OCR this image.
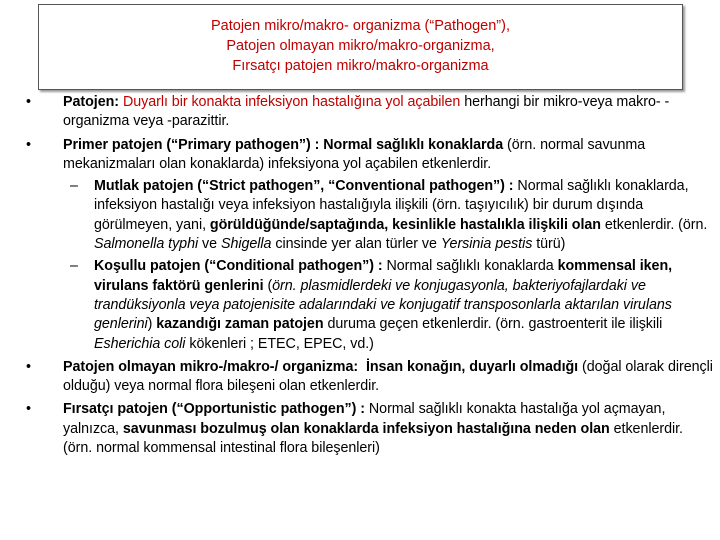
Patojen mikro/makro- organizma (“Pathogen”),
Patojen olmayan mikro/makro-organizma,
Fırsatçı patojen mikro/makro-organizma
•	Patojen: Duyarlı bir konakta infeksiyon hastalığına yol açabilen herhangi bir mikro-veya makro- -organizma veya -parazittir.
•	Primer patojen (“Primary pathogen”) : Normal sağlıklı konaklarda (örn. normal savunma mekanizmaları olan konaklarda) infeksiyona yol açabilen etkenlerdir.
– Mutlak patojen (“Strict pathogen”, “Conventional pathogen”) : Normal sağlıklı konaklarda, infeksiyon hastalığı veya infeksiyon hastalığıyla ilişkili (örn. taşıyıcılık) bir durum dışında görülmeyen, yani, görüldüğünde/saptağında, kesinlikle hastalıkla ilişkili olan etkenlerdir. (örn. Salmonella typhi ve Shigella cinsinde yer alan türler ve Yersinia pestis türü)
– Koşullu patojen (“Conditional pathogen”) : Normal sağlıklı konaklarda kommensal iken, virulans faktörü genlerini (örn. plasmidlerdeki ve konjugasyonla, bakteriyofajlardaki ve trandüksiyonla veya patojenisite adalarındaki ve konjugatif transposonlarla aktarılan virulans genlerini) kazandığı zaman patojen duruma geçen etkenlerdir. (örn. gastroenterit ile ilişkili Esherichia coli kökenleri ; ETEC, EPEC, vd.)
•	Patojen olmayan mikro-/makro-/ organizma: İnsan konağın, duyarlı olmadığı (doğal olarak dirençli olduğu) veya normal flora bileşeni olan etkenlerdir.
•	Fırsatçı patojen (“Opportunistic pathogen”) : Normal sağlıklı konakta hastalığa yol açmayan, yalnızca, savunması bozulmuş olan konaklarda infeksiyon hastalığına neden olan etkenlerdir. (örn. normal kommensal intestinal flora bileşenleri)
